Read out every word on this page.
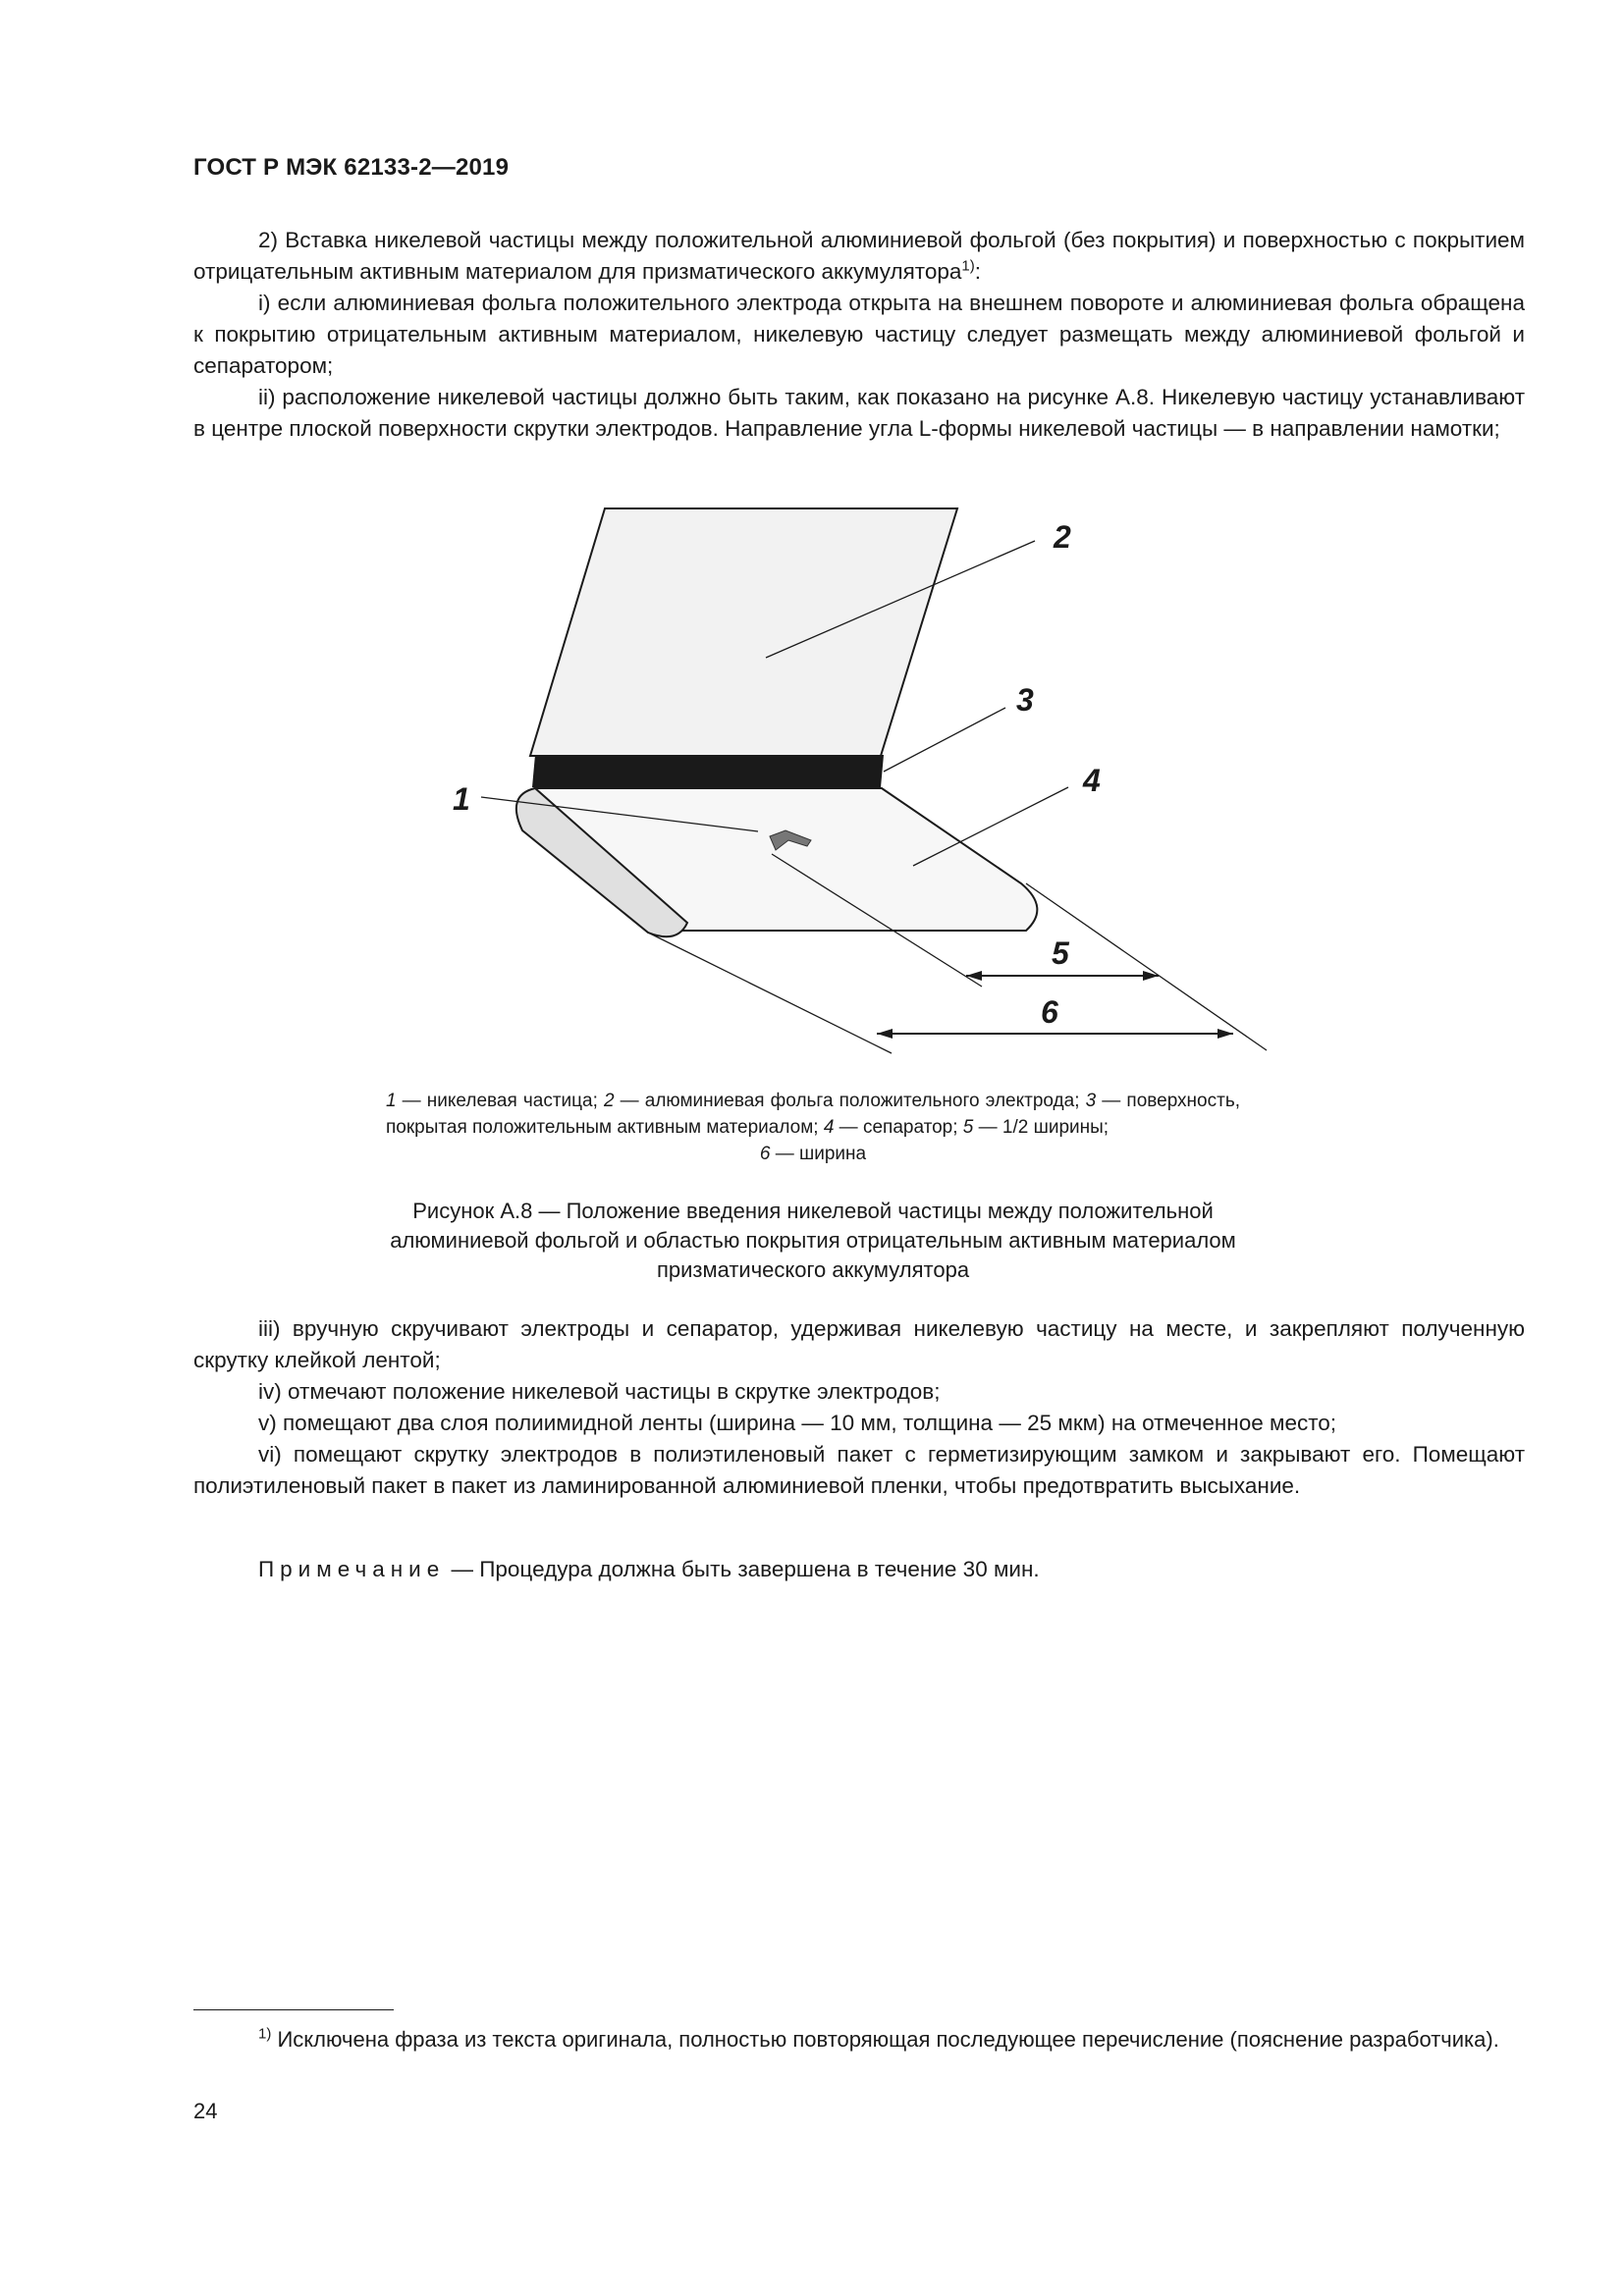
ГОСТ Р МЭК 62133-2—2019

2) Вставка никелевой частицы между положительной алюминиевой фольгой (без покрытия) и поверхностью с покрытием отрицательным активным материалом для призматического аккумулятора$^{1)}$:

i) если алюминиевая фольга положительного электрода открыта на внешнем повороте и алюминиевая фольга обращена к покрытию отрицательным активным материалом, никелевую частицу следует размещать между алюминиевой фольгой и сепаратором;

ii) расположение никелевой частицы должно быть таким, как показано на рисунке А.8. Никелевую частицу устанавливают в центре плоской поверхности скрутки электродов. Направление угла L-формы никелевой частицы — в направлении намотки;

1
2
3
4
5
6
1 — никелевая частица; 2 — алюминиевая фольга положительного электрода; 3 — поверхность, покрытая положительным активным материалом; 4 — сепаратор; 5 — 1/2 ширины;
6 — ширина
Рисунок А.8 — Положение введения никелевой частицы между положительной алюминиевой фольгой и областью покрытия отрицательным активным материалом призматического аккумулятора

iii) вручную скручивают электроды и сепаратор, удерживая никелевую частицу на месте, и закрепляют полученную скрутку клейкой лентой;

iv) отмечают положение никелевой частицы в скрутке электродов;

v) помещают два слоя полиимидной ленты (ширина — 10 мм, толщина — 25 мкм) на отмеченное место;

vi) помещают скрутку электродов в полиэтиленовый пакет с герметизирующим замком и закрывают его. Помещают полиэтиленовый пакет в пакет из ламинированной алюминиевой пленки, чтобы предотвратить высыхание.

Примечание — Процедура должна быть завершена в течение 30 мин.
$^{1)}$ Исключена фраза из текста оригинала, полностью повторяющая последующее перечисление (пояснение разработчика).
24
